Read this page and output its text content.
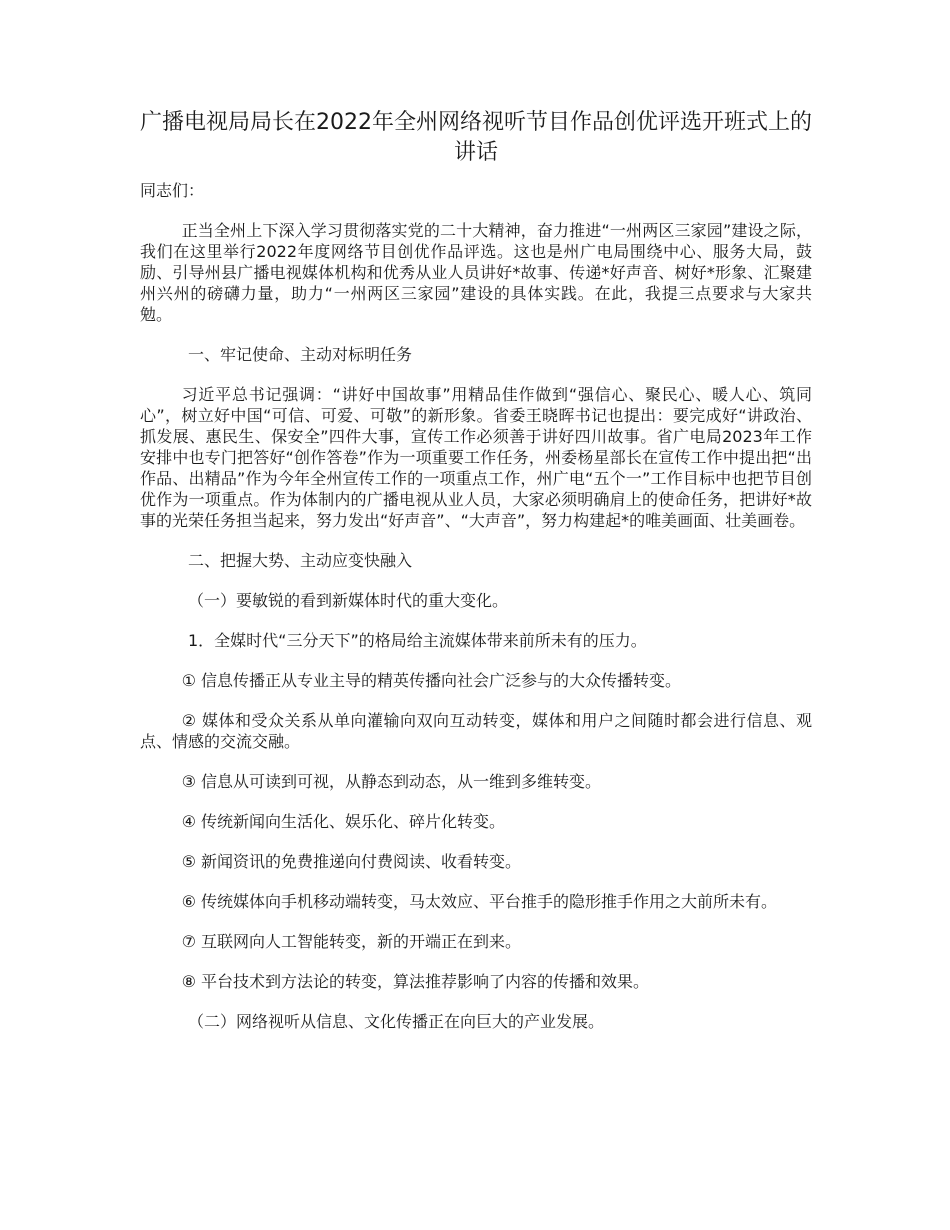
广播电视局局长在2022年全州网络视听节目作品创优评选开班式上的讲话

同志们：

正当全州上下深入学习贯彻落实党的二十大精神，奋力推进“一州两区三家园”建设之际，我们在这里举行2022年度网络节目创优作品评选。这也是州广电局围绕中心、服务大局，鼓励、引导州县广播电视媒体机构和优秀从业人员讲好*故事、传递*好声音、树好*形象、汇聚建州兴州的磅礴力量，助力“一州两区三家园”建设的具体实践。在此，我提三点要求与大家共勉。

一、牢记使命、主动对标明任务

习近平总书记强调：“讲好中国故事”用精品佳作做到“强信心、聚民心、暖人心、筑同心”，树立好中国“可信、可爱、可敬”的新形象。省委王晓晖书记也提出：要完成好“讲政治、抓发展、惠民生、保安全”四件大事，宣传工作必须善于讲好四川故事。省广电局2023年工作安排中也专门把答好“创作答卷”作为一项重要工作任务，州委杨星部长在宣传工作中提出把“出作品、出精品”作为今年全州宣传工作的一项重点工作，州广电“五个一”工作目标中也把节目创优作为一项重点。作为体制内的广播电视从业人员，大家必须明确肩上的使命任务，把讲好*故事的光荣任务担当起来，努力发出“好声音”、“大声音”，努力构建起*的唯美画面、壮美画卷。

二、把握大势、主动应变快融入

（一）要敏锐的看到新媒体时代的重大变化。

1．全媒时代“三分天下”的格局给主流媒体带来前所未有的压力。

① 信息传播正从专业主导的精英传播向社会广泛参与的大众传播转变。

② 媒体和受众关系从单向灌输向双向互动转变，媒体和用户之间随时都会进行信息、观点、情感的交流交融。

③ 信息从可读到可视，从静态到动态，从一维到多维转变。

④ 传统新闻向生活化、娱乐化、碎片化转变。

⑤ 新闻资讯的免费推递向付费阅读、收看转变。

⑥ 传统媒体向手机移动端转变，马太效应、平台推手的隐形推手作用之大前所未有。

⑦ 互联网向人工智能转变，新的开端正在到来。

⑧ 平台技术到方法论的转变，算法推荐影响了内容的传播和效果。

（二）网络视听从信息、文化传播正在向巨大的产业发展。
